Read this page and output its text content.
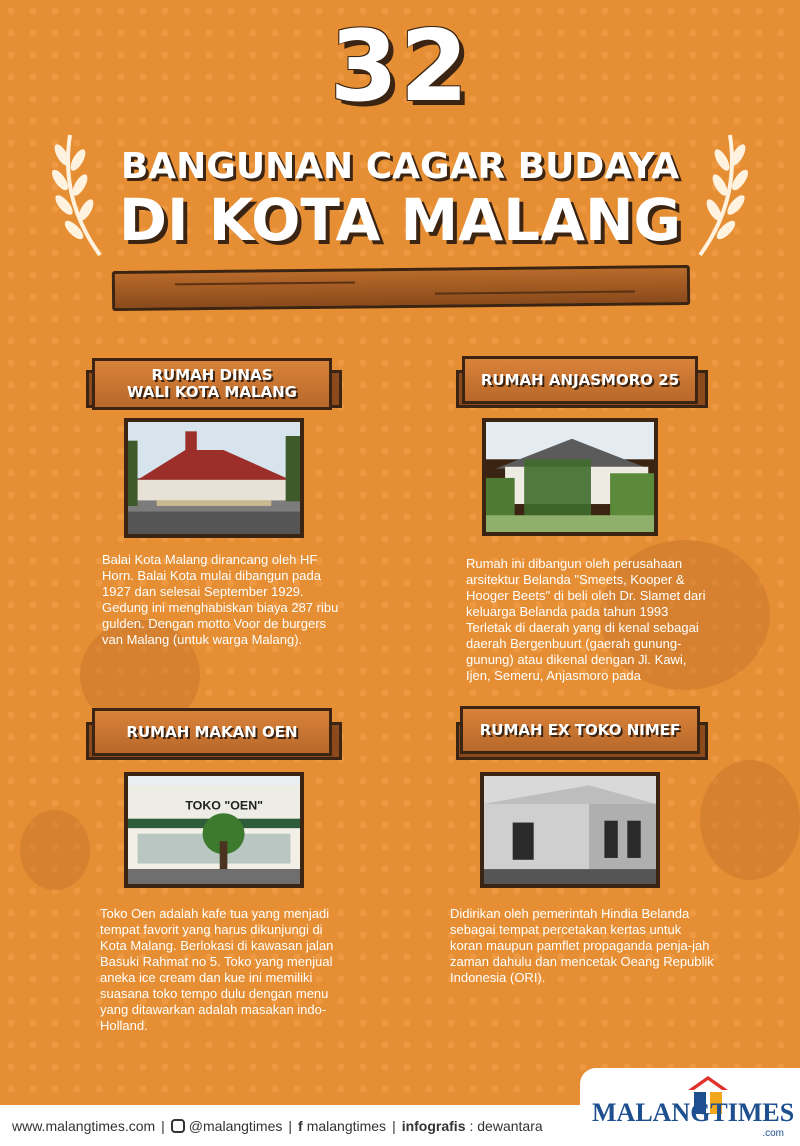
32
BANGUNAN CAGAR BUDAYA
DI KOTA MALANG
RUMAH DINAS
WALI KOTA MALANG
Balai Kota Malang dirancang oleh HF Horn. Balai Kota mulai dibangun pada 1927 dan selesai September 1929. Gedung ini menghabiskan biaya 287 ribu gulden. Dengan motto Voor de burgers van Malang (untuk warga Malang).
RUMAH ANJASMORO 25
Rumah ini dibangun oleh perusahaan arsitektur Belanda "Smeets, Kooper & Hooger Beets" di beli oleh Dr. Slamet dari keluarga Belanda pada tahun 1993 Terletak di daerah yang di kenal sebagai daerah Bergenbuurt (gaerah gunung-gunung) atau dikenal dengan Jl. Kawi, Ijen, Semeru, Anjasmoro pada
RUMAH MAKAN OEN
TOKO "OEN"
Toko Oen adalah kafe tua yang menjadi tempat favorit yang harus dikunjungi di Kota Malang. Berlokasi di kawasan jalan Basuki Rahmat no 5. Toko yang menjual aneka ice cream dan kue ini memiliki suasana toko tempo dulu dengan menu yang ditawarkan adalah masakan indo- Holland.
RUMAH EX TOKO NIMEF
Didirikan oleh pemerintah Hindia Belanda sebagai tempat percetakan kertas untuk koran maupun pamflet propaganda penja-jah zaman dahulu dan mencetak Oeang Republik Indonesia (ORI).
www.malangtimes.com | @malangtimes | f malangtimes | infografis : dewantara MALANGTIMES
.com
